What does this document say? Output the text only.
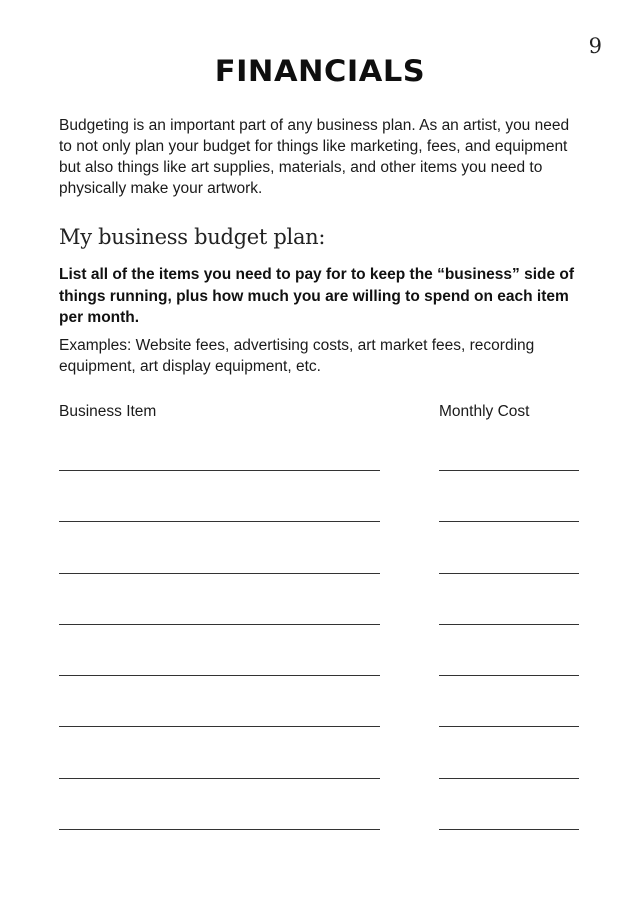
9
FINANCIALS
Budgeting is an important part of any business plan. As an artist, you need to not only plan your budget for things like marketing, fees, and equipment but also things like art supplies, materials, and other items you need to physically make your artwork.
My business budget plan:
List all of the items you need to pay for to keep the “business” side of things running, plus how much you are willing to spend on each item per month.
Examples: Website fees, advertising costs, art market fees, recording equipment, art display equipment, etc.
Business Item	Monthly Cost
